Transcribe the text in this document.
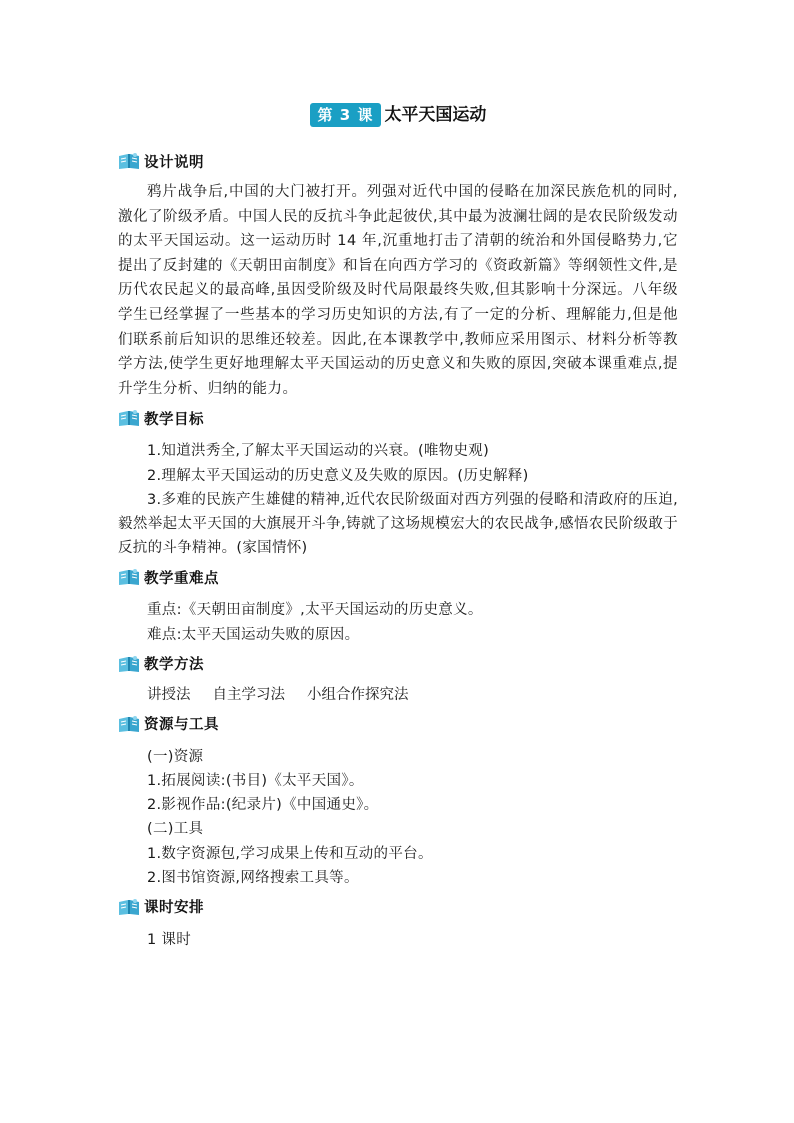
第 3 课 太平天国运动
设计说明

鸦片战争后,中国的大门被打开。列强对近代中国的侵略在加深民族危机的同时,激化了阶级矛盾。中国人民的反抗斗争此起彼伏,其中最为波澜壮阔的是农民阶级发动的太平天国运动。这一运动历时 14 年,沉重地打击了清朝的统治和外国侵略势力,它提出了反封建的《天朝田亩制度》和旨在向西方学习的《资政新篇》等纲领性文件,是历代农民起义的最高峰,虽因受阶级及时代局限最终失败,但其影响十分深远。八年级学生已经掌握了一些基本的学习历史知识的方法,有了一定的分析、理解能力,但是他们联系前后知识的思维还较差。因此,在本课教学中,教师应采用图示、材料分析等教学方法,使学生更好地理解太平天国运动的历史意义和失败的原因,突破本课重难点,提升学生分析、归纳的能力。

教学目标

1.知道洪秀全,了解太平天国运动的兴衰。(唯物史观)

2.理解太平天国运动的历史意义及失败的原因。(历史解释)

3.多难的民族产生雄健的精神,近代农民阶级面对西方列强的侵略和清政府的压迫,毅然举起太平天国的大旗展开斗争,铸就了这场规模宏大的农民战争,感悟农民阶级敢于反抗的斗争精神。(家国情怀)

教学重难点

重点:《天朝田亩制度》,太平天国运动的历史意义。

难点:太平天国运动失败的原因。

教学方法
讲授法 自主学习法 小组合作探究法
资源与工具

(一)资源

1.拓展阅读:(书目)《太平天国》。

2.影视作品:(纪录片)《中国通史》。

(二)工具

1.数字资源包,学习成果上传和互动的平台。

2.图书馆资源,网络搜索工具等。

课时安排

1 课时
